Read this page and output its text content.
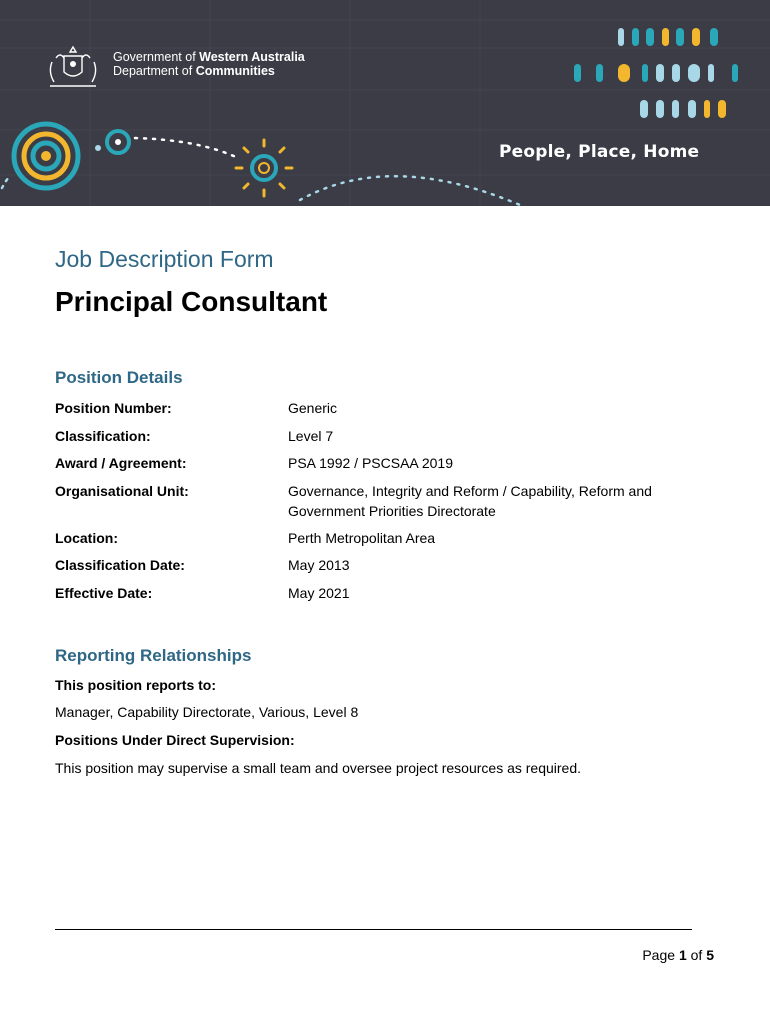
Government of Western Australia
Department of Communities
People, Place, Home
Job Description Form
Principal Consultant
Position Details
Position Number:	Generic
Classification:	Level 7
Award / Agreement:	PSA 1992 / PSCSAA 2019
Organisational Unit:	Governance, Integrity and Reform / Capability, Reform and Government Priorities Directorate
Location:	Perth Metropolitan Area
Classification Date:	May 2013
Effective Date:	May 2021
Reporting Relationships
This position reports to:
Manager, Capability Directorate, Various, Level 8
Positions Under Direct Supervision:
This position may supervise a small team and oversee project resources as required.
Page 1 of 5
